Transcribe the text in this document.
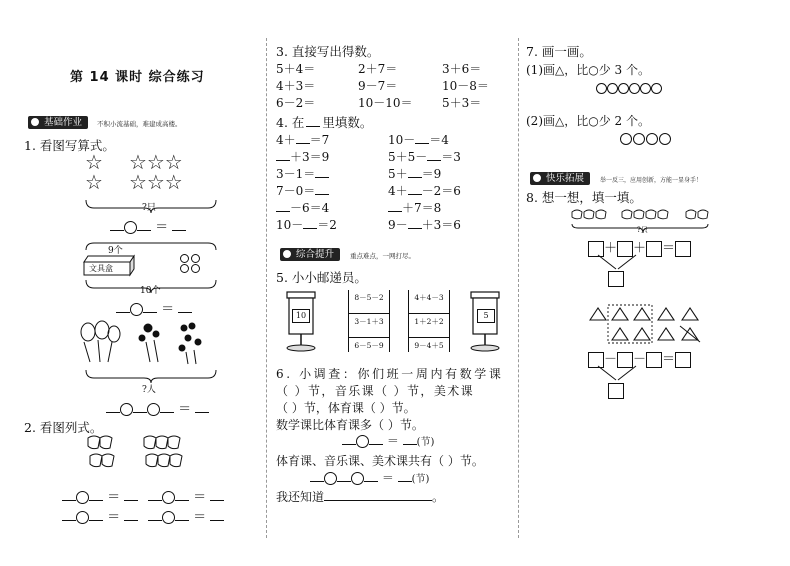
第 14 课时 综合练习
基础作业	不积小流基础，难建成高楼。
1. 看图写算式。
☆
☆
☆☆☆
☆☆☆
?只
＝
9个
文具盒
10个
＝
?人
＝
2. 看图列式。
＝	＝
＝	＝
3. 直接写出得数。
5＋4＝	2＋7＝	3＋6＝
4＋3＝	9－7＝	10－8＝
6－2＝	10－10＝	5＋3＝
4. 在 里填数。
4＋ ＝7	10－ ＝4
＋3＝9	5＋5－ ＝3
3－1＝	5＋ ＝9
7－0＝	4＋ －2＝6
－6＝4	＋7＝8
10－ ＝2	9－ ＋3＝6
综合提升	重点难点，一网打尽。
5. 小小邮递员。
10
8－5－2
3－1＋3
6－5－9
4＋4－3
1＋2＋2
9－4＋5
5
6. 小调查：你们班一周内有数学课
（ ）节，音乐课（ ）节，美术课
（ ）节，体育课（ ）节。
数学课比体育课多（ ）节。
＝ (节)
体育课、音乐课、美术课共有（ ）节。
＝ (节)
我还知道	。
7. 画一画。
(1)画△，比○少 3 个。
(2)画△，比○少 2 个。
快乐拓展	举一反三，应用创新，方能一显身手！
8. 想一想，填一填。
?只
＋ ＋ ＝
－ － ＝
